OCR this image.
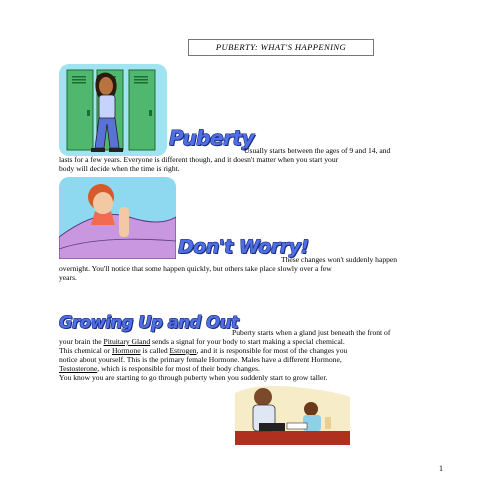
PUBERTY: WHAT'S HAPPENING
Puberty
Usually starts between the ages of 9 and 14, and
lasts for a few years. Everyone is different though, and it doesn't matter when you start your
body will decide when the time is right.
Don't Worry!
These changes won't suddenly happen
overnight. You'll notice that some happen quickly, but others take place slowly over a few
years.
Growing Up and Out
Puberty starts when a gland just beneath the front of
your brain the Pituitary Gland sends a signal for your body to start making a special chemical.
This chemical or Hormone is called Estrogen, and it is responsible for most of the changes you
notice about yourself. This is the primary female Hormone. Males have a different Hormone,
Testosterone, which is responsible for most of their body changes.
You know you are starting to go through puberty when you suddenly start to grow taller.
1
